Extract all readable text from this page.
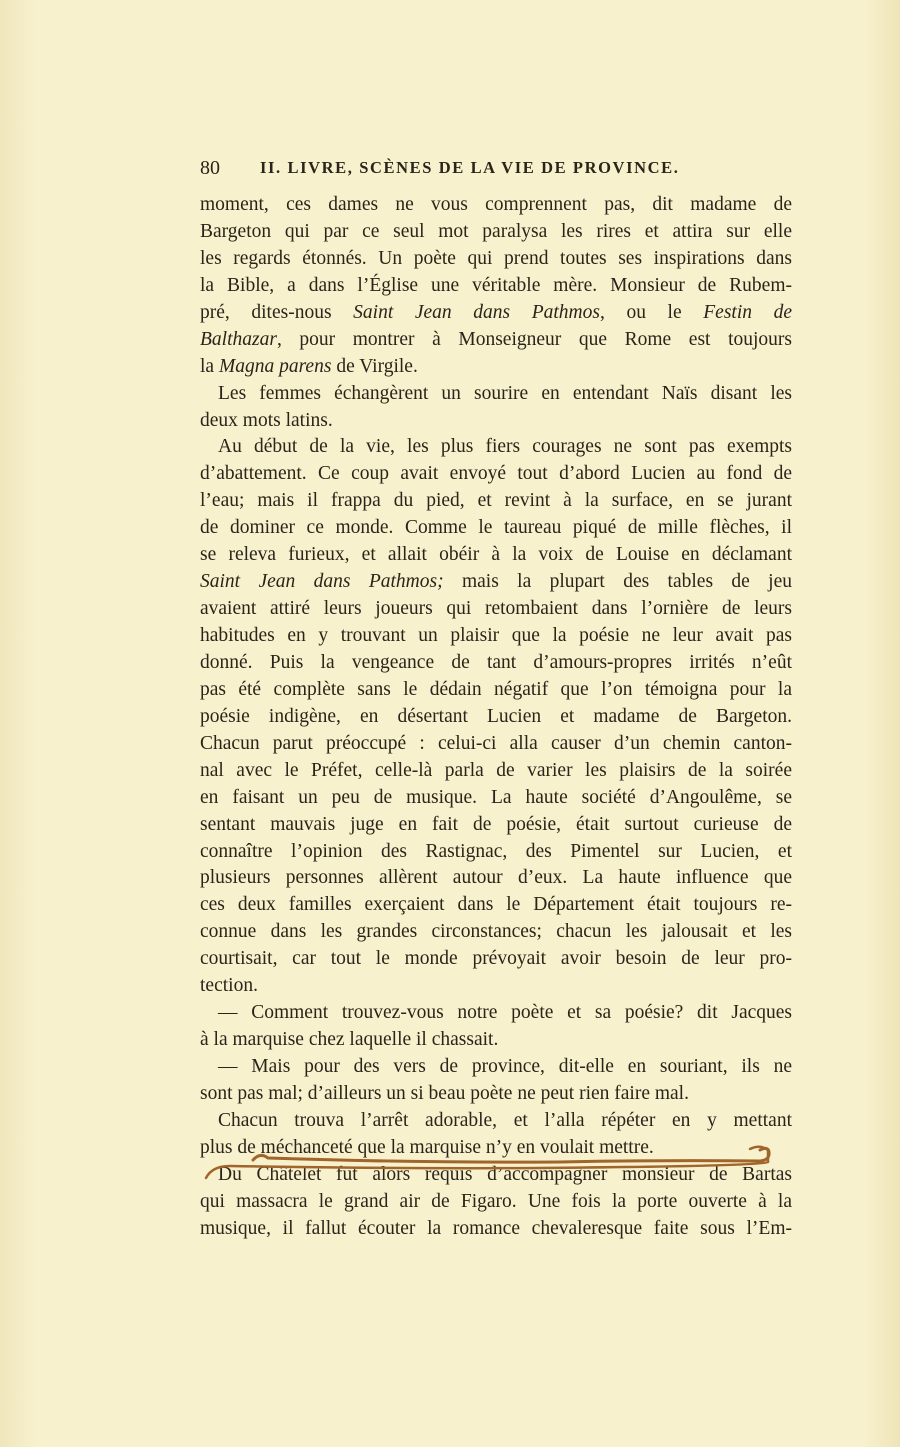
80 II. LIVRE, SCÈNES DE LA VIE DE PROVINCE.
moment, ces dames ne vous comprennent pas, dit madame de
Bargeton qui par ce seul mot paralysa les rires et attira sur elle
les regards étonnés. Un poète qui prend toutes ses inspirations dans
la Bible, a dans l’Église une véritable mère. Monsieur de Rubem-
pré, dites-nous Saint Jean dans Pathmos, ou le Festin de
Balthazar, pour montrer à Monseigneur que Rome est toujours
la Magna parens de Virgile.
Les femmes échangèrent un sourire en entendant Naïs disant les
deux mots latins.
Au début de la vie, les plus fiers courages ne sont pas exempts
d’abattement. Ce coup avait envoyé tout d’abord Lucien au fond de
l’eau; mais il frappa du pied, et revint à la surface, en se jurant
de dominer ce monde. Comme le taureau piqué de mille flèches, il
se releva furieux, et allait obéir à la voix de Louise en déclamant
Saint Jean dans Pathmos; mais la plupart des tables de jeu
avaient attiré leurs joueurs qui retombaient dans l’ornière de leurs
habitudes en y trouvant un plaisir que la poésie ne leur avait pas
donné. Puis la vengeance de tant d’amours-propres irrités n’eût
pas été complète sans le dédain négatif que l’on témoigna pour la
poésie indigène, en désertant Lucien et madame de Bargeton.
Chacun parut préoccupé : celui-ci alla causer d’un chemin canton-
nal avec le Préfet, celle-là parla de varier les plaisirs de la soirée
en faisant un peu de musique. La haute société d’Angoulême, se
sentant mauvais juge en fait de poésie, était surtout curieuse de
connaître l’opinion des Rastignac, des Pimentel sur Lucien, et
plusieurs personnes allèrent autour d’eux. La haute influence que
ces deux familles exerçaient dans le Département était toujours re-
connue dans les grandes circonstances; chacun les jalousait et les
courtisait, car tout le monde prévoyait avoir besoin de leur pro-
tection.
— Comment trouvez-vous notre poète et sa poésie? dit Jacques
à la marquise chez laquelle il chassait.
— Mais pour des vers de province, dit-elle en souriant, ils ne
sont pas mal; d’ailleurs un si beau poète ne peut rien faire mal.
Chacun trouva l’arrêt adorable, et l’alla répéter en y mettant
plus de méchanceté que la marquise n’y en voulait mettre.
Du Châtelet fut alors requis d’accompagner monsieur de Bartas
qui massacra le grand air de Figaro. Une fois la porte ouverte à la
musique, il fallut écouter la romance chevaleresque faite sous l’Em-
